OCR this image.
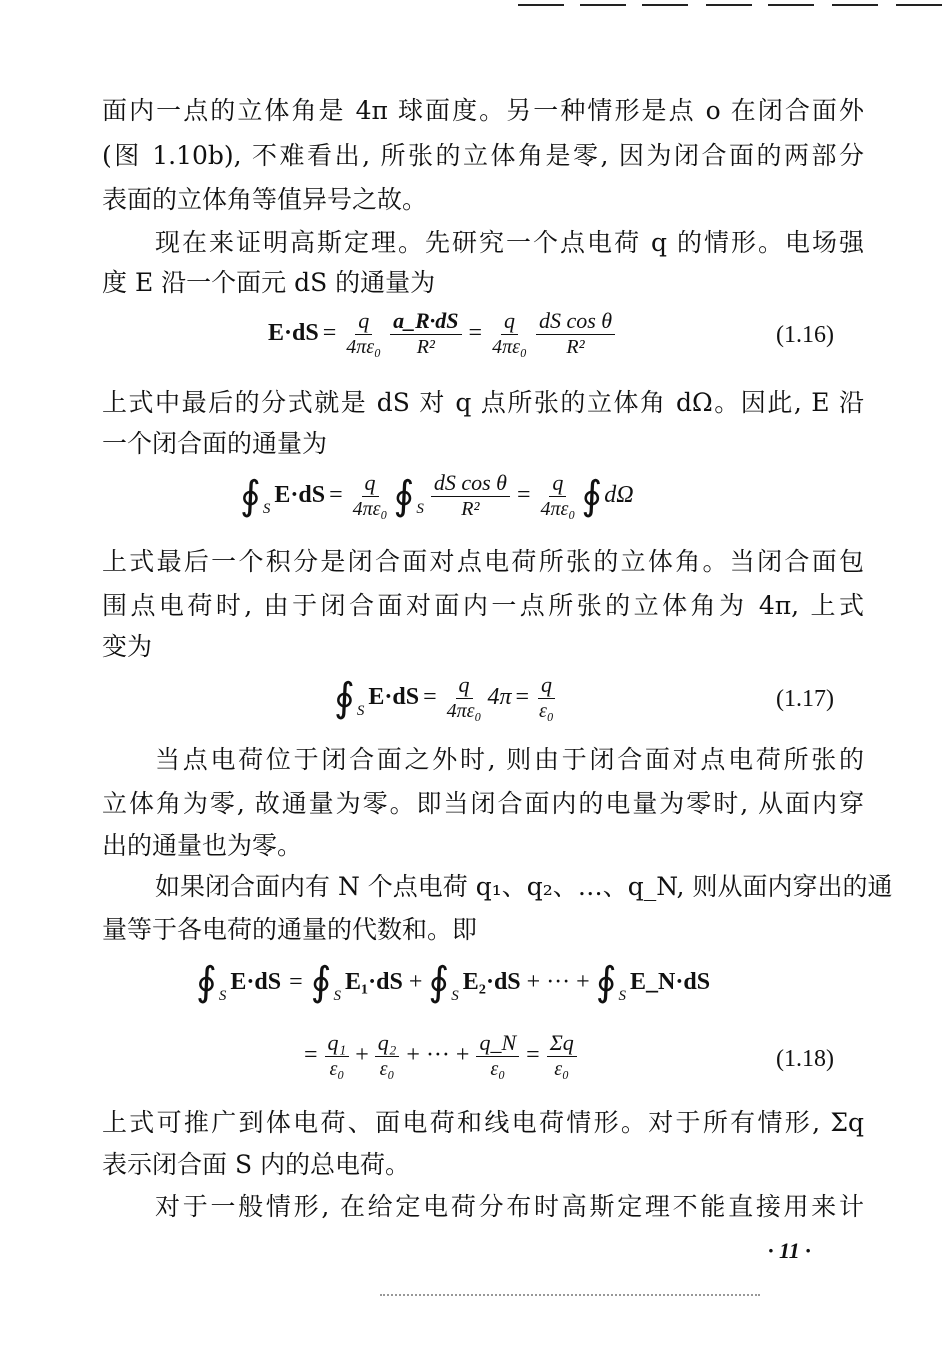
面内一点的立体角是 4π 球面度。另一种情形是点 o 在闭合面外
(图 1.10b), 不难看出, 所张的立体角是零, 因为闭合面的两部分
表面的立体角等值异号之故。
现在来证明高斯定理。先研究一个点电荷 q 的情形。电场强
度 E 沿一个面元 dS 的通量为
$E\cdot dS = \frac{q}{\text{4πε₀}} \frac{a\_R\cdot dS}{\text{R²}} = \frac{q}{\text{4πε₀}} \frac{\text{dS cos θ}}{\text{R²}}$	(1.16)
上式中最后的分式就是 dS 对 q 点所张的立体角 dΩ。因此, E 沿
一个闭合面的通量为
∮ S
$E\cdot dS = \frac{q}{\text{4πε₀}}$ ∮ S $\frac{\text{dS cos θ}}{\text{R²}} = \frac{q}{\text{4πε₀}}$ ∮ dΩ
上式最后一个积分是闭合面对点电荷所张的立体角。当闭合面包
围点电荷时, 由于闭合面对面内一点所张的立体角为 4π, 上式
变为
∮ S
$E\cdot dS = \frac{q}{\text{4πε₀}} 4\pi = \frac{q}{\text{ε₀}}$	(1.17)
当点电荷位于闭合面之外时, 则由于闭合面对点电荷所张的
立体角为零, 故通量为零。即当闭合面内的电量为零时, 从面内穿
出的通量也为零。
如果闭合面内有 N 个点电荷 q₁、q₂、…、q_N, 则从面内穿出的通
量等于各电荷的通量的代数和。即
∮ S
E·dS = ∮ S
E₁·dS + ∮ S
E₂·dS + ··· + ∮ S
E_N·dS
= $\frac{\text{q₁}}{\text{ε₀}} + \frac{\text{q₂}}{\text{ε₀}}$ + ··· + $\frac{q\_N}{\text{ε₀}} = \frac{\Sigma q}{\text{ε₀}}$	(1.18)
上式可推广到体电荷、面电荷和线电荷情形。对于所有情形, Σq
表示闭合面 S 内的总电荷。
对于一般情形, 在给定电荷分布时高斯定理不能直接用来计
· 11 ·
